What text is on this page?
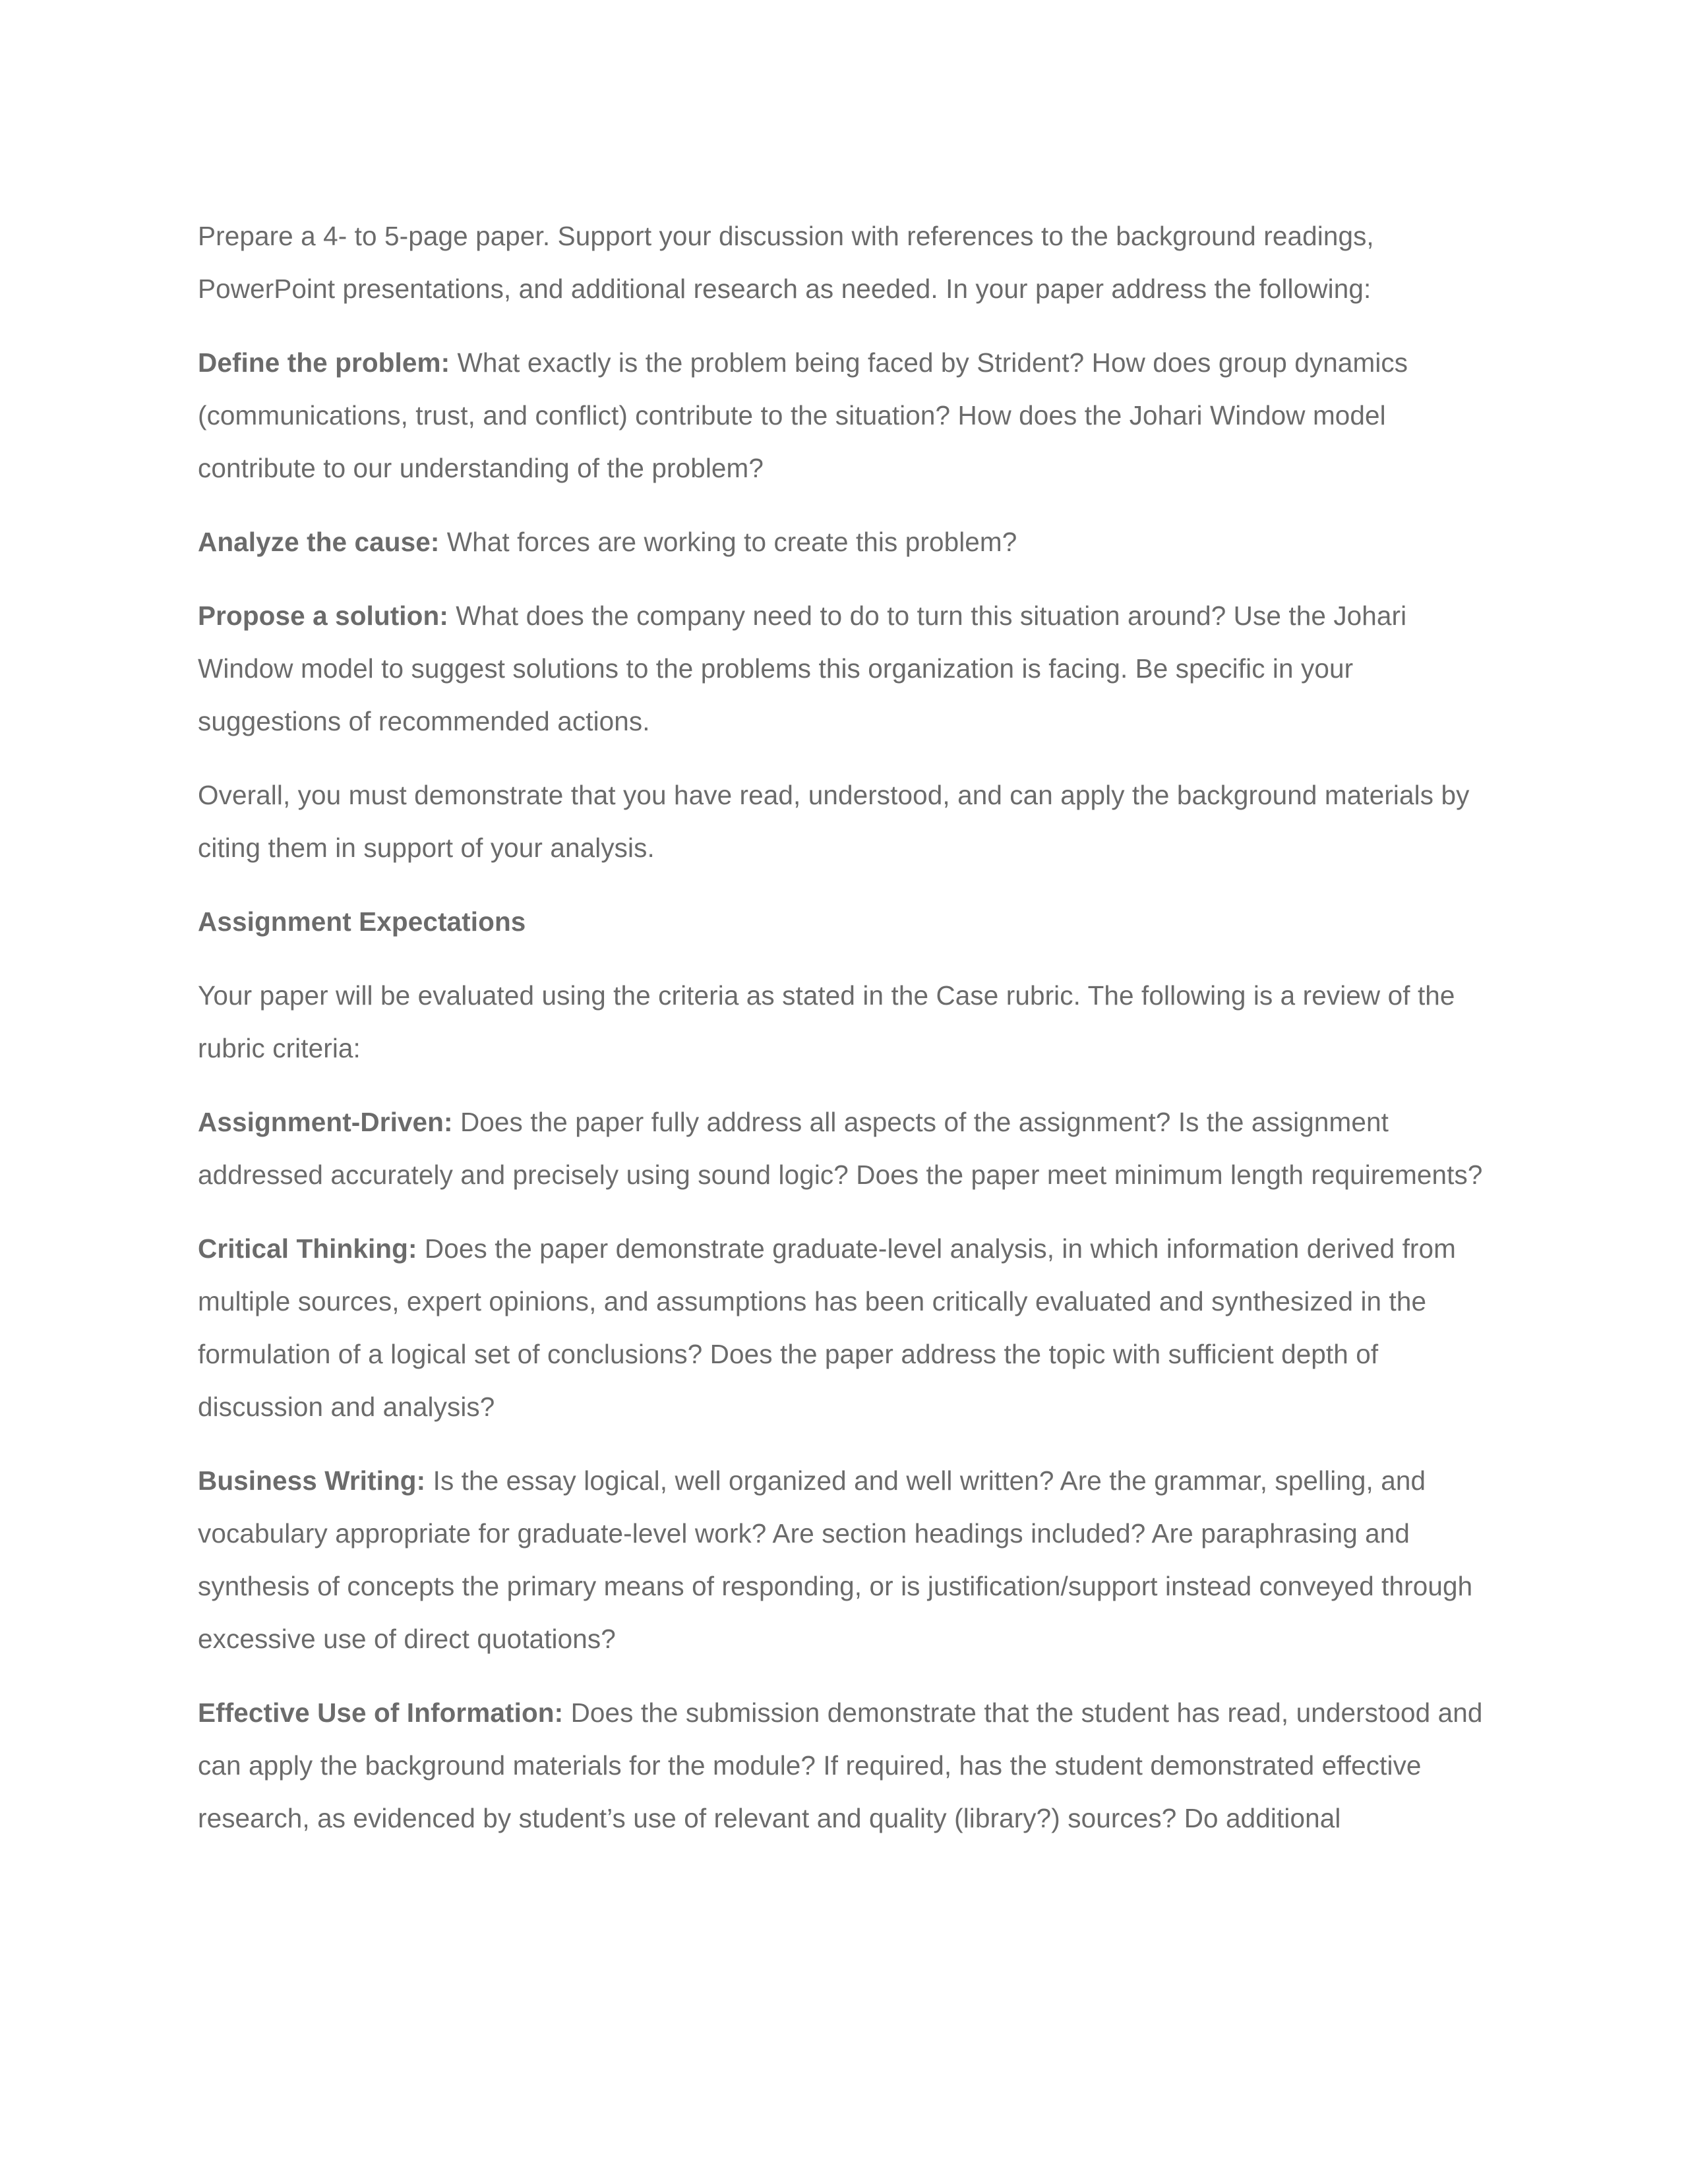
Prepare a 4- to 5-page paper. Support your discussion with references to the background readings, PowerPoint presentations, and additional research as needed. In your paper address the following:

Define the problem: What exactly is the problem being faced by Strident? How does group dynamics (communications, trust, and conflict) contribute to the situation? How does the Johari Window model contribute to our understanding of the problem?

Analyze the cause: What forces are working to create this problem?

Propose a solution: What does the company need to do to turn this situation around? Use the Johari Window model to suggest solutions to the problems this organization is facing. Be specific in your suggestions of recommended actions.

Overall, you must demonstrate that you have read, understood, and can apply the background materials by citing them in support of your analysis.

Assignment Expectations

Your paper will be evaluated using the criteria as stated in the Case rubric. The following is a review of the rubric criteria:

Assignment-Driven: Does the paper fully address all aspects of the assignment? Is the assignment addressed accurately and precisely using sound logic? Does the paper meet minimum length requirements?

Critical Thinking: Does the paper demonstrate graduate-level analysis, in which information derived from multiple sources, expert opinions, and assumptions has been critically evaluated and synthesized in the formulation of a logical set of conclusions? Does the paper address the topic with sufficient depth of discussion and analysis?

Business Writing: Is the essay logical, well organized and well written? Are the grammar, spelling, and vocabulary appropriate for graduate-level work? Are section headings included? Are paraphrasing and synthesis of concepts the primary means of responding, or is justification/support instead conveyed through excessive use of direct quotations?

Effective Use of Information: Does the submission demonstrate that the student has read, understood and can apply the background materials for the module? If required, has the student demonstrated effective research, as evidenced by student’s use of relevant and quality (library?) sources? Do additional
